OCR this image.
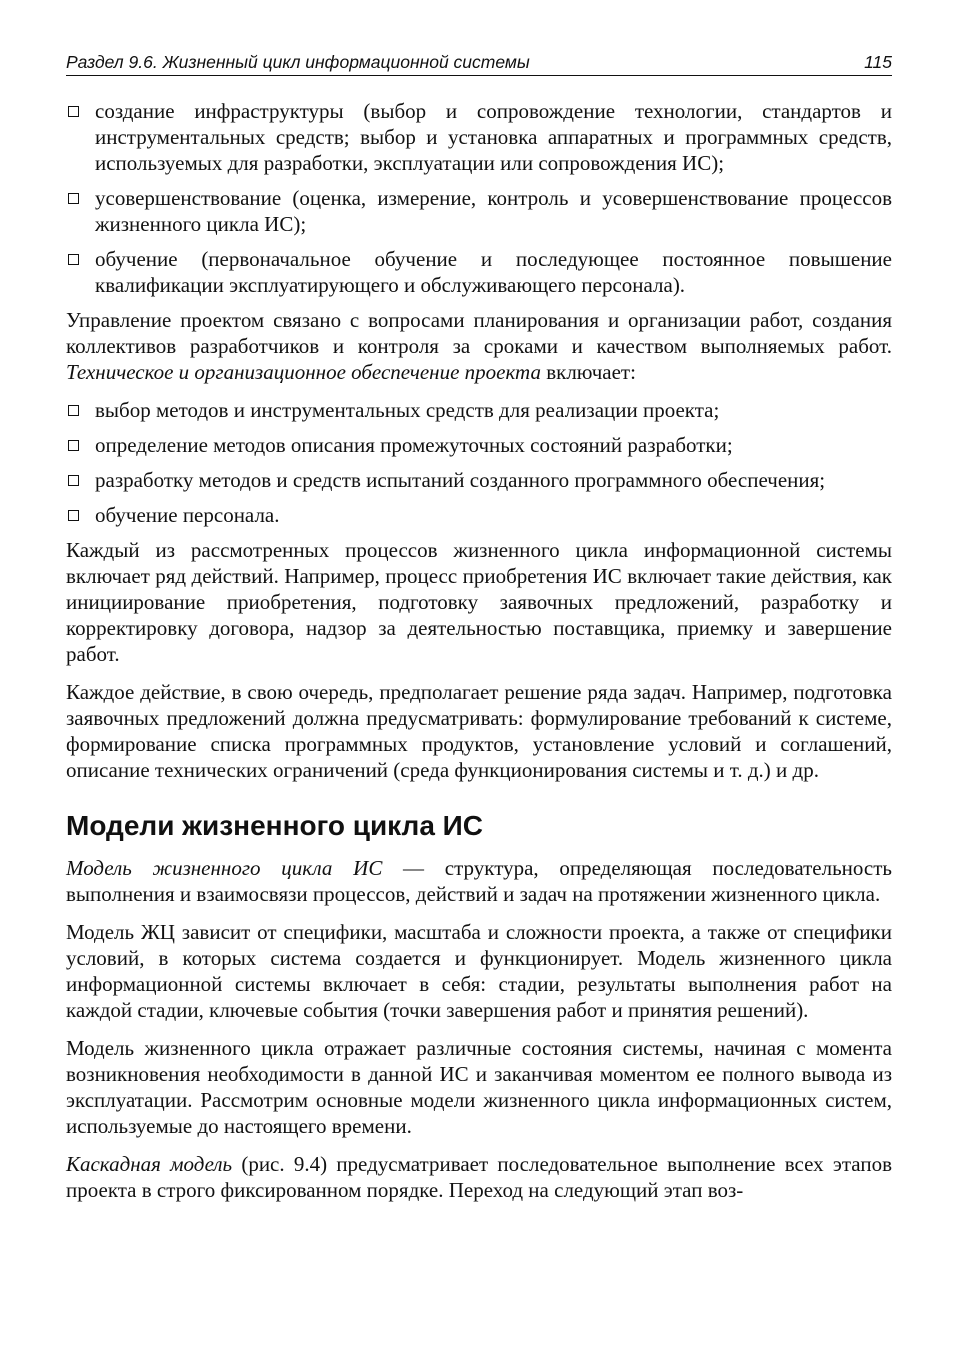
Раздел 9.6. Жизненный цикл информационной системы	115
создание инфраструктуры (выбор и сопровождение технологии, стандартов и инструментальных средств; выбор и установка аппаратных и программных средств, используемых для разработки, эксплуатации или сопровождения ИС);
усовершенствование (оценка, измерение, контроль и усовершенствование процессов жизненного цикла ИС);
обучение (первоначальное обучение и последующее постоянное повышение квалификации эксплуатирующего и обслуживающего персонала).

Управление проектом связано с вопросами планирования и организации работ, создания коллективов разработчиков и контроля за сроками и качеством выполняемых работ. Техническое и организационное обеспечение проекта включает:

выбор методов и инструментальных средств для реализации проекта;
определение методов описания промежуточных состояний разработки;
разработку методов и средств испытаний созданного программного обеспечения;
обучение персонала.

Каждый из рассмотренных процессов жизненного цикла информационной системы включает ряд действий. Например, процесс приобретения ИС включает такие действия, как инициирование приобретения, подготовку заявочных предложений, разработку и корректировку договора, надзор за деятельностью поставщика, приемку и завершение работ.

Каждое действие, в свою очередь, предполагает решение ряда задач. Например, подготовка заявочных предложений должна предусматривать: формулирование требований к системе, формирование списка программных продуктов, установление условий и соглашений, описание технических ограничений (среда функционирования системы и т. д.) и др.

Модели жизненного цикла ИС

Модель жизненного цикла ИС — структура, определяющая последовательность выполнения и взаимосвязи процессов, действий и задач на протяжении жизненного цикла.

Модель ЖЦ зависит от специфики, масштаба и сложности проекта, а также от специфики условий, в которых система создается и функционирует. Модель жизненного цикла информационной системы включает в себя: стадии, результаты выполнения работ на каждой стадии, ключевые события (точки завершения работ и принятия решений).

Модель жизненного цикла отражает различные состояния системы, начиная с момента возникновения необходимости в данной ИС и заканчивая моментом ее полного вывода из эксплуатации. Рассмотрим основные модели жизненного цикла информационных систем, используемые до настоящего времени.

Каскадная модель (рис. 9.4) предусматривает последовательное выполнение всех этапов проекта в строго фиксированном порядке. Переход на следующий этап воз-
